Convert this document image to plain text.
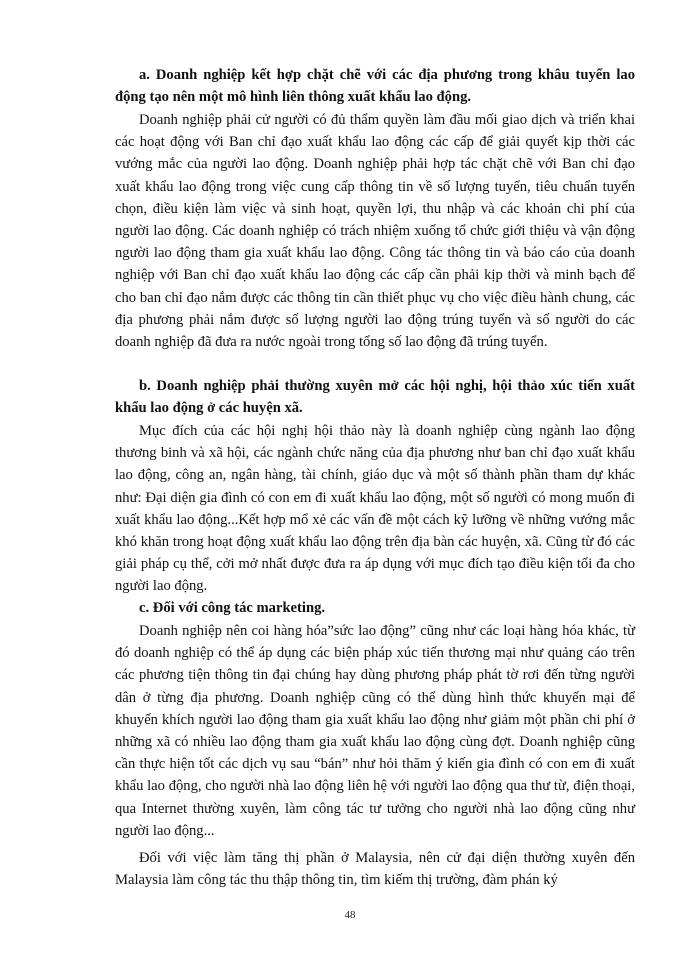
a. Doanh nghiệp kết hợp chặt chẽ với các địa phương trong khâu tuyển lao động tạo nên một mô hình liên thông xuất khẩu lao động.

Doanh nghiệp phải cử người có đủ thẩm quyền làm đầu mối giao dịch và triển khai các hoạt động với Ban chỉ đạo xuất khẩu lao động các cấp để giải quyết kịp thời các vướng mắc của người lao động. Doanh nghiệp phải hợp tác chặt chẽ với Ban chỉ đạo xuất khẩu lao động trong việc cung cấp thông tin về số lượng tuyển, tiêu chuẩn tuyển chọn, điều kiện làm việc và sinh hoạt, quyền lợi, thu nhập và các khoản chi phí của người lao động. Các doanh nghiệp có trách nhiệm xuống tổ chức giới thiệu và vận động người lao động tham gia xuất khẩu lao động. Công tác thông tin và báo cáo của doanh nghiệp với Ban chỉ đạo xuất khẩu lao động các cấp cần phải kịp thời và minh bạch để cho ban chỉ đạo nắm được các thông tin cần thiết phục vụ cho việc điều hành chung, các địa phương phải nắm được số lượng người lao động trúng tuyển và số người do các doanh nghiệp đã đưa ra nước ngoài trong tổng số lao động đã trúng tuyển.

b. Doanh nghiệp phải thường xuyên mở các hội nghị, hội thảo xúc tiến xuất khẩu lao động ở các huyện xã.

Mục đích của các hội nghị hội thảo này là doanh nghiệp cùng ngành lao động thương binh và xã hội, các ngành chức năng của địa phương như ban chỉ đạo xuất khẩu lao động, công an, ngân hàng, tài chính, giáo dục và một số thành phần tham dự khác như: Đại diện gia đình có con em đi xuất khẩu lao động, một số người có mong muốn đi xuất khẩu lao động...Kết hợp mổ xẻ các vấn đề một cách kỹ lưỡng về những vướng mắc khó khăn trong hoạt động xuất khẩu lao động trên địa bàn các huyện, xã. Cũng từ đó các giải pháp cụ thể, cởi mở nhất được đưa ra áp dụng với mục đích tạo điều kiện tối đa cho người lao động.

c. Đối với công tác marketing.

Doanh nghiệp nên coi hàng hóa”sức lao động” cũng như các loại hàng hóa khác, từ đó doanh nghiệp có thể áp dụng các biện pháp xúc tiến thương mại như quảng cáo trên các phương tiện thông tin đại chúng hay dùng phương pháp phát tờ rơi đến từng người dân ở từng địa phương. Doanh nghiệp cũng có thể dùng hình thức khuyến mại để khuyến khích người lao động tham gia xuất khẩu lao động như giảm một phần chi phí ở những xã có nhiều lao động tham gia xuất khẩu lao động cùng đợt. Doanh nghiệp cũng cần thực hiện tốt các dịch vụ sau “bán” như hỏi thăm ý kiến gia đình có con em đi xuất khẩu lao động, cho người nhà lao động liên hệ với người lao động qua thư từ, điện thoại, qua Internet thường xuyên, làm công tác tư tưởng cho người nhà lao động cũng như người lao động...

Đối với việc làm tăng thị phần ở Malaysia, nên cử đại diện thường xuyên đến Malaysia làm công tác thu thập thông tin, tìm kiếm thị trường, đàm phán ký

48
